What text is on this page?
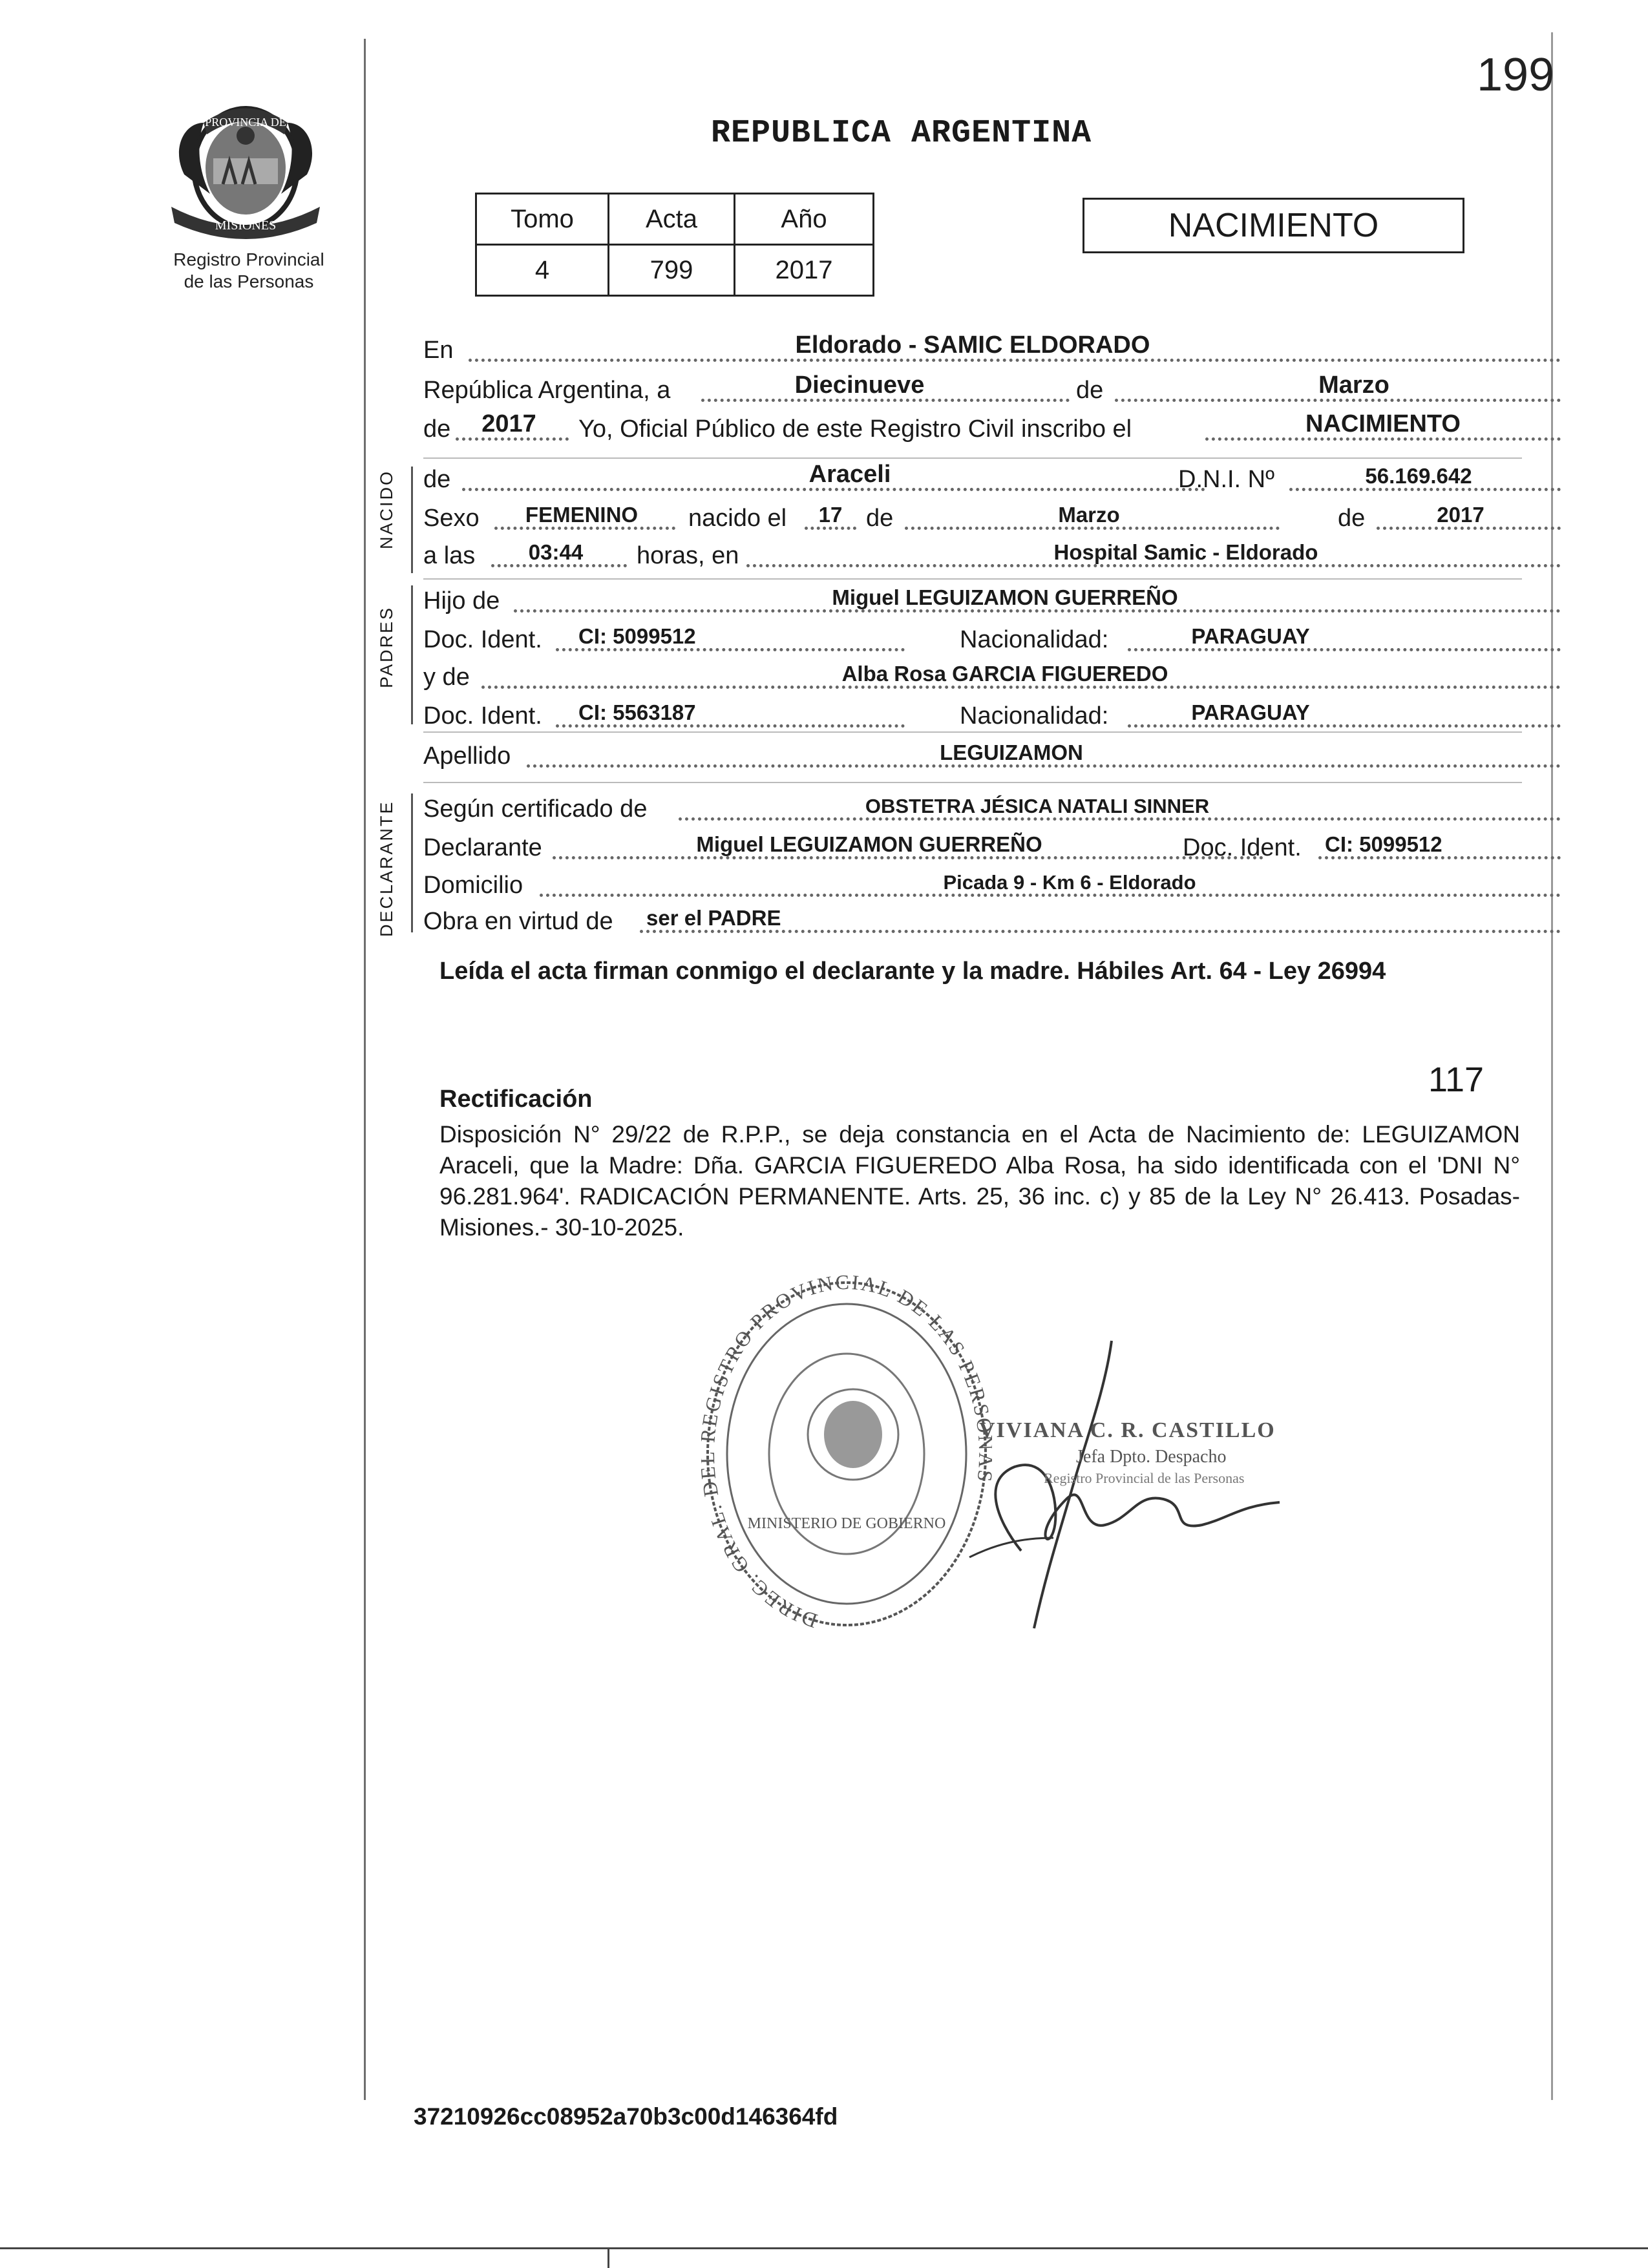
199
PROVINCIA DE
MISIONES
Registro Provincial
de las Personas
REPUBLICA ARGENTINA
Tomo	Acta	Año
4	799	2017
NACIMIENTO
En	Eldorado - SAMIC ELDORADO
República Argentina, a	Diecinueve	de	Marzo
de	2017	Yo, Oficial Público de este Registro Civil inscribo el	NACIMIENTO
NACIDO de	Araceli	D.N.I. Nº	56.169.642
Sexo	FEMENINO	nacido el	17 de	Marzo	de	2017
a las	03:44	horas, en	Hospital Samic - Eldorado
PADRES
Hijo de	Miguel LEGUIZAMON GUERREÑO
Doc. Ident. CI: 5099512	Nacionalidad:	PARAGUAY
y de	Alba Rosa GARCIA FIGUEREDO
Doc. Ident. CI: 5563187	Nacionalidad:	PARAGUAY
Apellido	LEGUIZAMON
DECLARANTE Según certificado de	OBSTETRA JÉSICA NATALI SINNER
Declarante	Miguel LEGUIZAMON GUERREÑO	Doc. Ident. CI: 5099512
Domicilio	Picada 9 - Km 6 - Eldorado
Obra en virtud de ser el PADRE
Leída el acta firman conmigo el declarante y la madre. Hábiles Art. 64 - Ley 26994
117
Rectificación
Disposición N° 29/22 de R.P.P., se deja constancia en el Acta de Nacimiento de: LEGUIZAMON Araceli, que la Madre: Dña. GARCIA FIGUEREDO Alba Rosa, ha sido identificada con el 'DNI N° 96.281.964'. RADICACIÓN PERMANENTE. Arts. 25, 36 inc. c) y 85 de la Ley N° 26.413. Posadas- Misiones.- 30-10-2025.
DIREC. GRAL. GISTRO PROVINCIAL DE LAS PERS
MINISTERIO DE GOBIERNO
VIVIANA C. R. CASTILLO
Jefa Dpto. Despacho
Registro Provincial de las Personas
37210926cc08952a70b3c00d146364fd
